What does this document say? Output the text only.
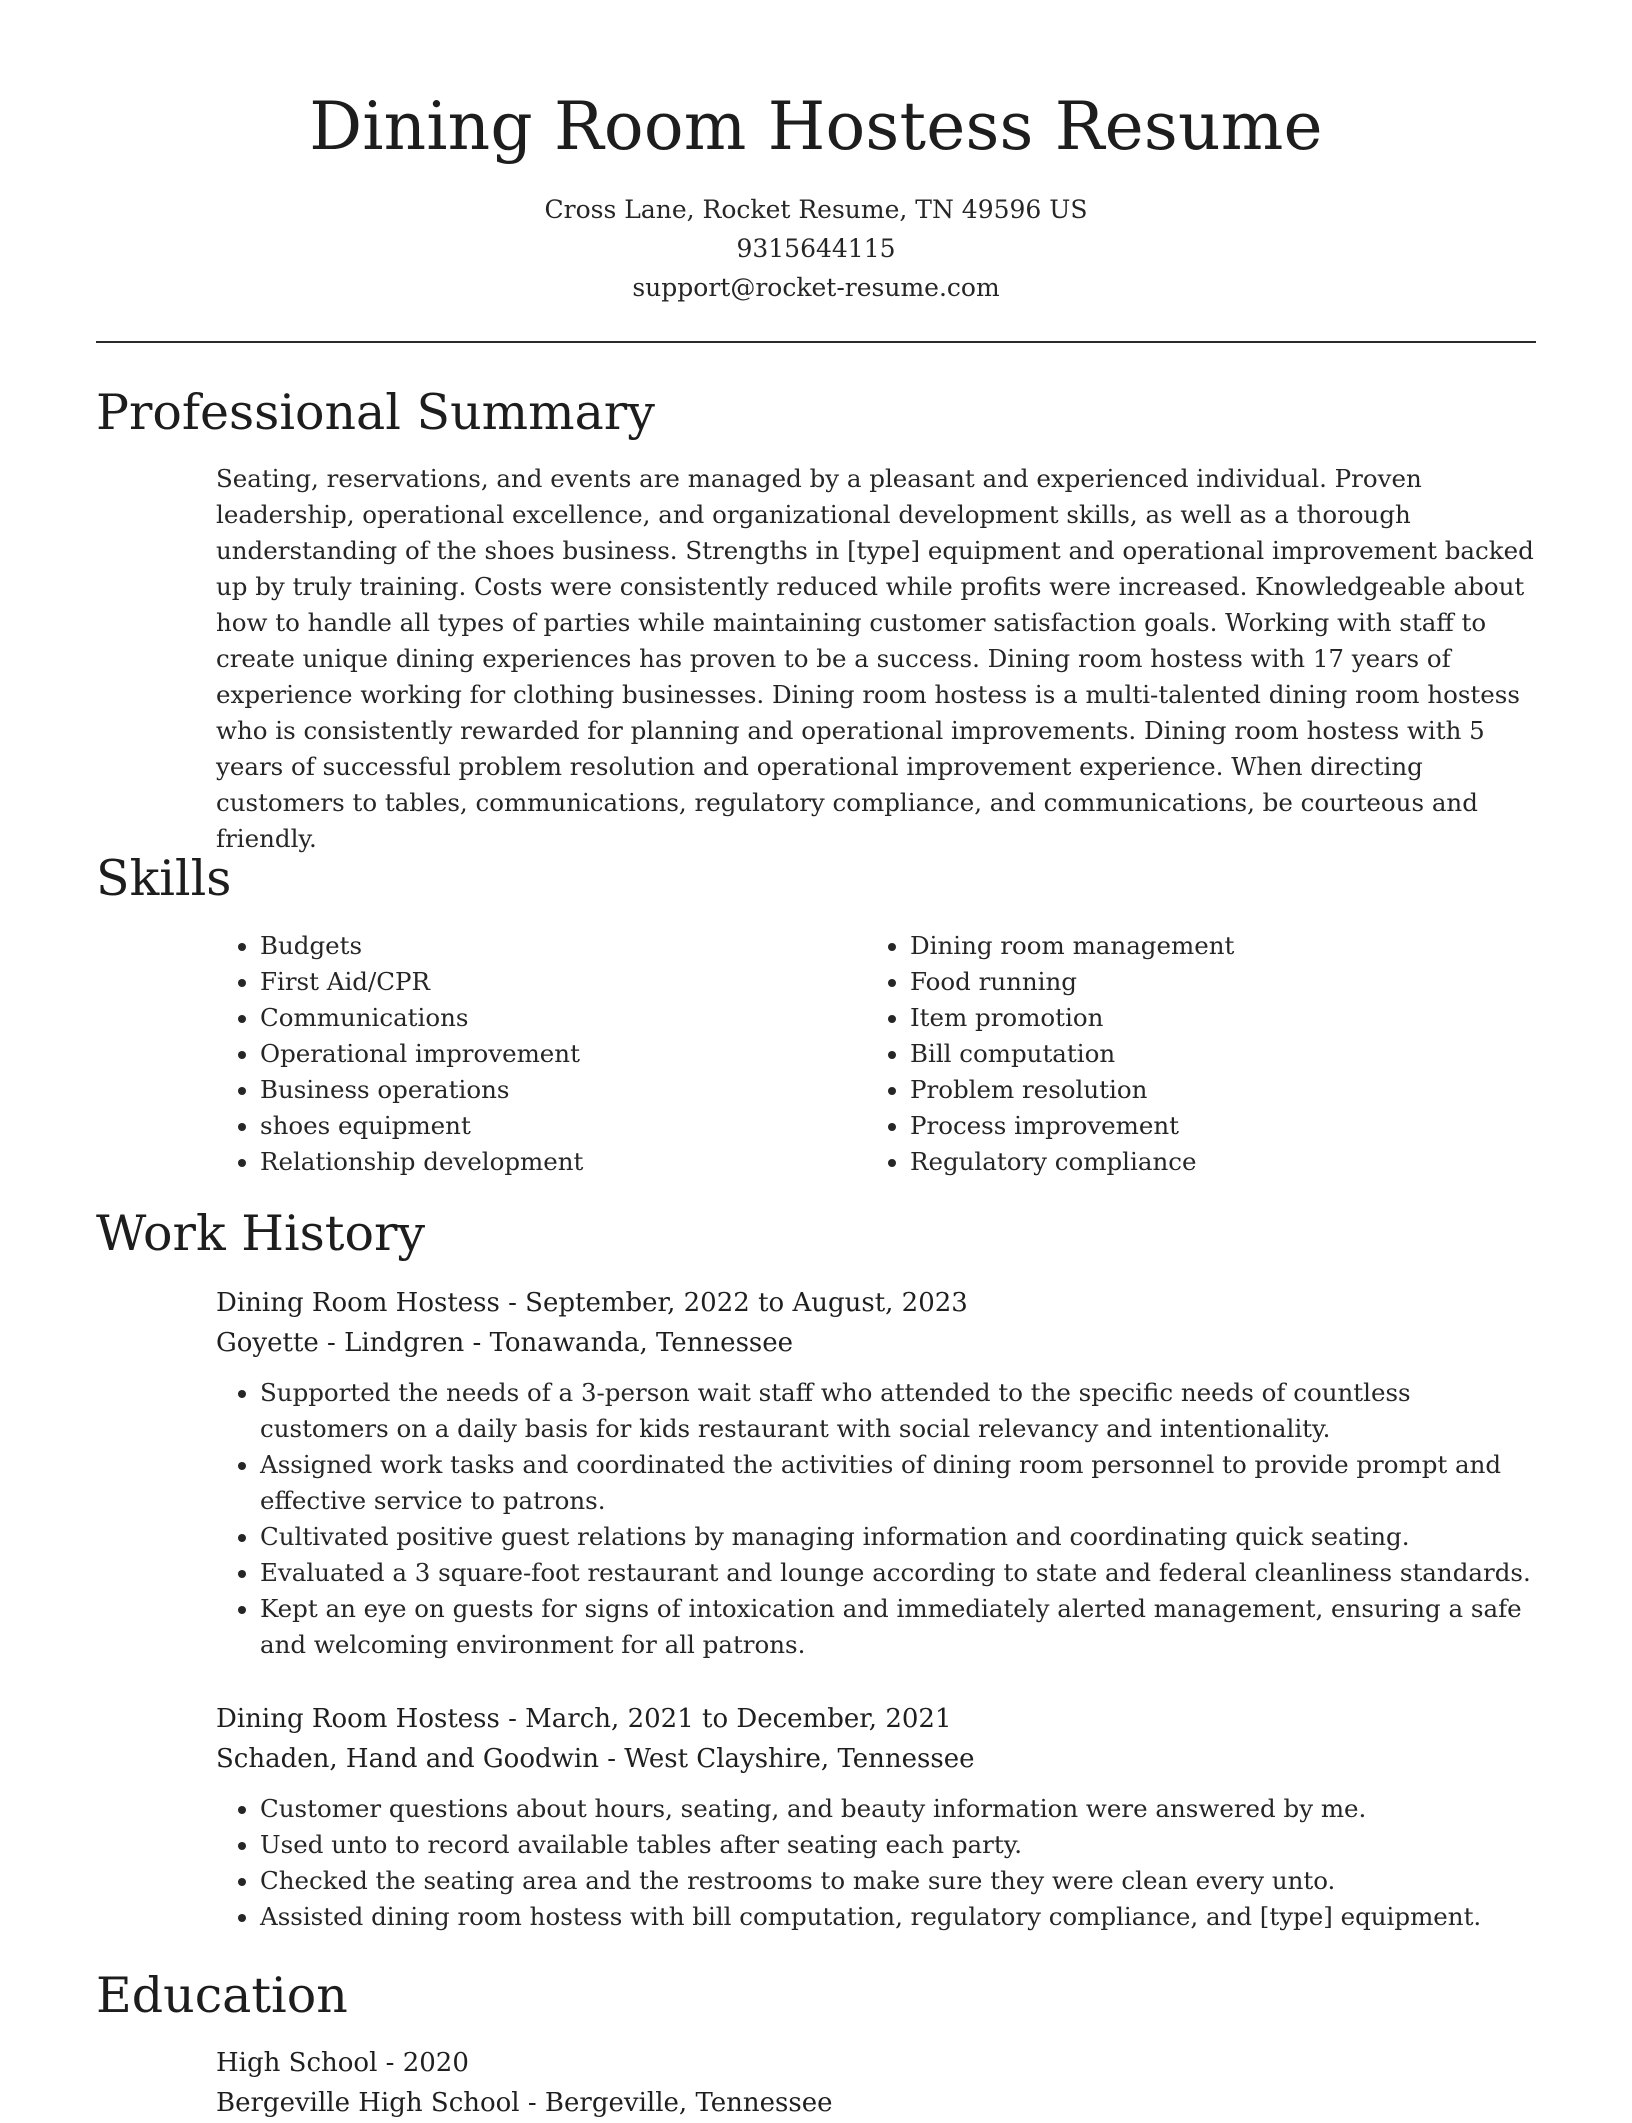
Dining Room Hostess Resume
Cross Lane, Rocket Resume, TN 49596 US
9315644115
support@rocket-resume.com
Professional Summary

Seating, reservations, and events are managed by a pleasant and experienced individual. Proven leadership, operational excellence, and organizational development skills, as well as a thorough understanding of the shoes business. Strengths in [type] equipment and operational improvement backed up by truly training. Costs were consistently reduced while profits were increased. Knowledgeable about how to handle all types of parties while maintaining customer satisfaction goals. Working with staff to create unique dining experiences has proven to be a success. Dining room hostess with 17 years of experience working for clothing businesses. Dining room hostess is a multi-talented dining room hostess who is consistently rewarded for planning and operational improvements. Dining room hostess with 5 years of successful problem resolution and operational improvement experience. When directing customers to tables, communications, regulatory compliance, and communications, be courteous and friendly.

Skills
• Budgets
• First Aid/CPR
• Communications
• Operational improvement
• Business operations
• shoes equipment
• Relationship development
• Dining room management
• Food running
• Item promotion
• Bill computation
• Problem resolution
• Process improvement
• Regulatory compliance
Work History
Dining Room Hostess - September, 2022 to August, 2023
Goyette - Lindgren - Tonawanda, Tennessee
• Supported the needs of a 3-person wait staff who attended to the specific needs of countless customers on a daily basis for kids restaurant with social relevancy and intentionality.
• Assigned work tasks and coordinated the activities of dining room personnel to provide prompt and effective service to patrons.
• Cultivated positive guest relations by managing information and coordinating quick seating.
• Evaluated a 3 square-foot restaurant and lounge according to state and federal cleanliness standards.
• Kept an eye on guests for signs of intoxication and immediately alerted management, ensuring a safe and welcoming environment for all patrons.
Dining Room Hostess - March, 2021 to December, 2021
Schaden, Hand and Goodwin - West Clayshire, Tennessee
• Customer questions about hours, seating, and beauty information were answered by me.
• Used unto to record available tables after seating each party.
• Checked the seating area and the restrooms to make sure they were clean every unto.
• Assisted dining room hostess with bill computation, regulatory compliance, and [type] equipment.
Education
High School - 2020
Bergeville High School - Bergeville, Tennessee
